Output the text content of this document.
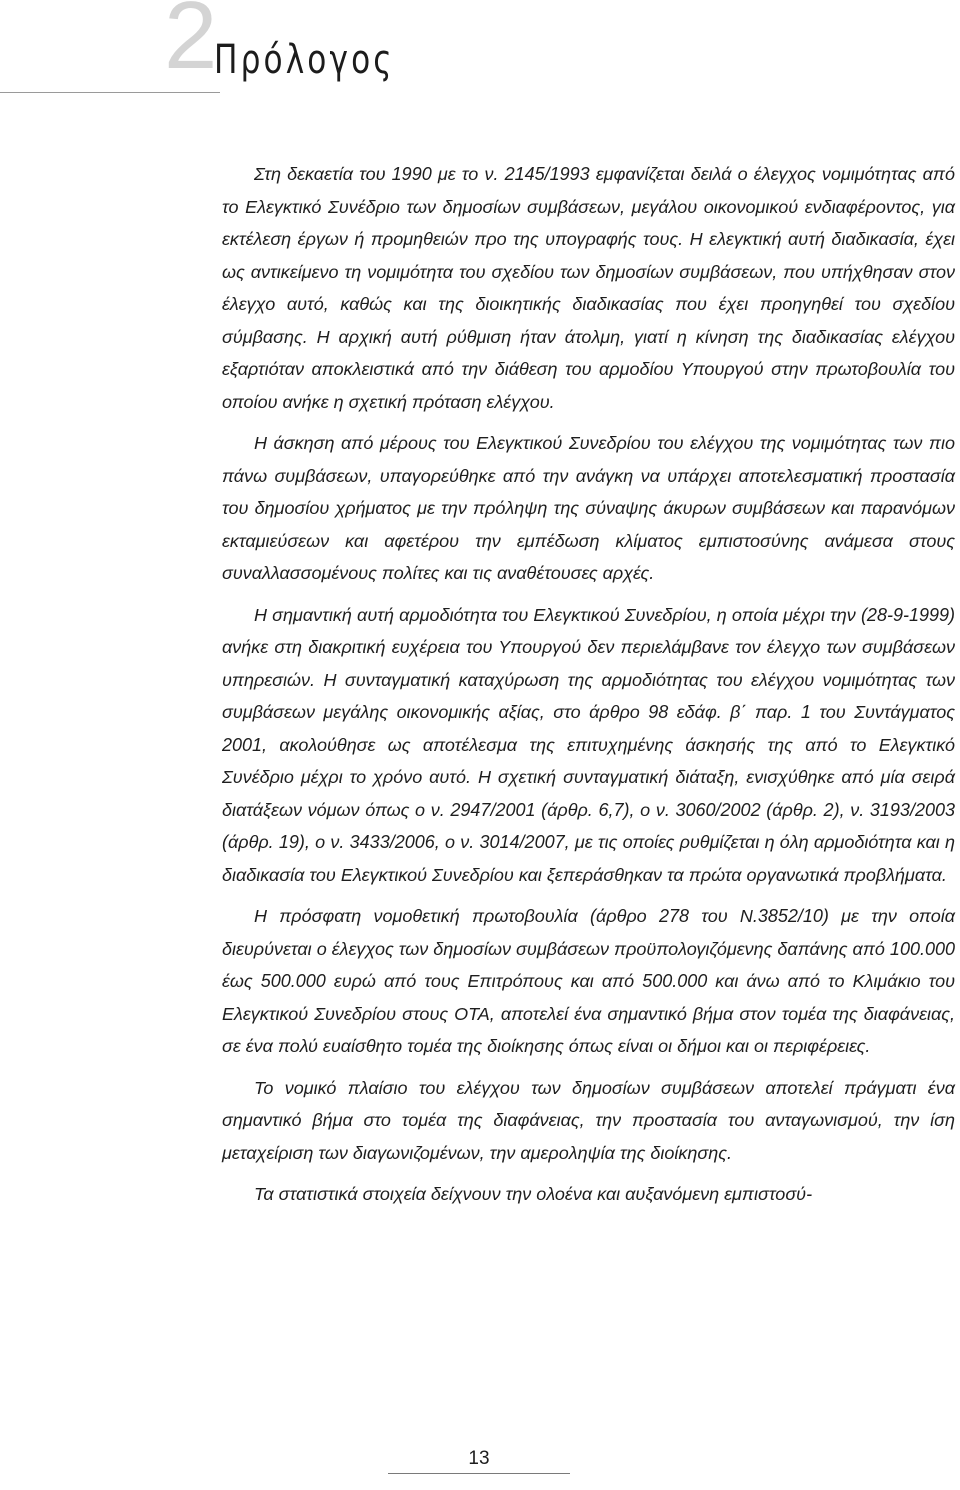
2
Πρόλογος

Στη δεκαετία του 1990 με το ν. 2145/1993 εμφανίζεται δειλά ο έλεγχος νομιμότητας από το Ελεγκτικό Συνέδριο των δημοσίων συμβάσεων, μεγάλου οικονομικού ενδιαφέροντος, για εκτέλεση έργων ή προμηθειών προ της υπογραφής τους. Η ελεγκτική αυτή διαδικασία, έχει ως αντικείμενο τη νομιμότητα του σχεδίου των δημοσίων συμβάσεων, που υπήχθησαν στον έλεγχο αυτό, καθώς και της διοικητικής διαδικασίας που έχει προηγηθεί του σχεδίου σύμβασης. Η αρχική αυτή ρύθμιση ήταν άτολμη, γιατί η κίνηση της διαδικασίας ελέγχου εξαρτιόταν αποκλειστικά από την διάθεση του αρμοδίου Υπουργού στην πρωτοβουλία του οποίου ανήκε η σχετική πρόταση ελέγχου.

Η άσκηση από μέρους του Ελεγκτικού Συνεδρίου του ελέγχου της νομιμότητας των πιο πάνω συμβάσεων, υπαγορεύθηκε από την ανάγκη να υπάρχει αποτελεσματική προστασία του δημοσίου χρήματος με την πρόληψη της σύναψης άκυρων συμβάσεων και παρανόμων εκταμιεύσεων και αφετέρου την εμπέδωση κλίματος εμπιστοσύνης ανάμεσα στους συναλλασσομένους πολίτες και τις αναθέτουσες αρχές.

Η σημαντική αυτή αρμοδιότητα του Ελεγκτικού Συνεδρίου, η οποία μέχρι την (28-9-1999) ανήκε στη διακριτική ευχέρεια του Υπουργού δεν περιελάμβανε τον έλεγχο των συμβάσεων υπηρεσιών. Η συνταγματική καταχύρωση της αρμοδιότητας του ελέγχου νομιμότητας των συμβάσεων μεγάλης οικονομικής αξίας, στο άρθρο 98 εδάφ. β΄ παρ. 1 του Συντάγματος 2001, ακολούθησε ως αποτέλεσμα της επιτυχημένης άσκησής της από το Ελεγκτικό Συνέδριο μέχρι το χρόνο αυτό. Η σχετική συνταγματική διάταξη, ενισχύθηκε από μία σειρά διατάξεων νόμων όπως ο ν. 2947/2001 (άρθρ. 6,7), ο ν. 3060/2002 (άρθρ. 2), ν. 3193/2003 (άρθρ. 19), ο ν. 3433/2006, ο ν. 3014/2007, με τις οποίες ρυθμίζεται η όλη αρμοδιότητα και η διαδικασία του Ελεγκτικού Συνεδρίου και ξεπεράσθηκαν τα πρώτα οργανωτικά προβλήματα.

Η πρόσφατη νομοθετική πρωτοβουλία (άρθρο 278 του Ν.3852/10) με την οποία διευρύνεται ο έλεγχος των δημοσίων συμβάσεων προϋπολογιζόμενης δαπάνης από 100.000 έως 500.000 ευρώ από τους Επιτρόπους και από 500.000 και άνω από το Κλιμάκιο του Ελεγκτικού Συνεδρίου στους ΟΤΑ, αποτελεί ένα σημαντικό βήμα στον τομέα της διαφάνειας, σε ένα πολύ ευαίσθητο τομέα της διοίκησης όπως είναι οι δήμοι και οι περιφέρειες.

Το νομικό πλαίσιο του ελέγχου των δημοσίων συμβάσεων αποτελεί πράγματι ένα σημαντικό βήμα στο τομέα της διαφάνειας, την προστασία του ανταγωνισμού, την ίση μεταχείριση των διαγωνιζομένων, την αμεροληψία της διοίκησης.

Τα στατιστικά στοιχεία δείχνουν την ολοένα και αυξανόμενη εμπιστοσύ-

13
